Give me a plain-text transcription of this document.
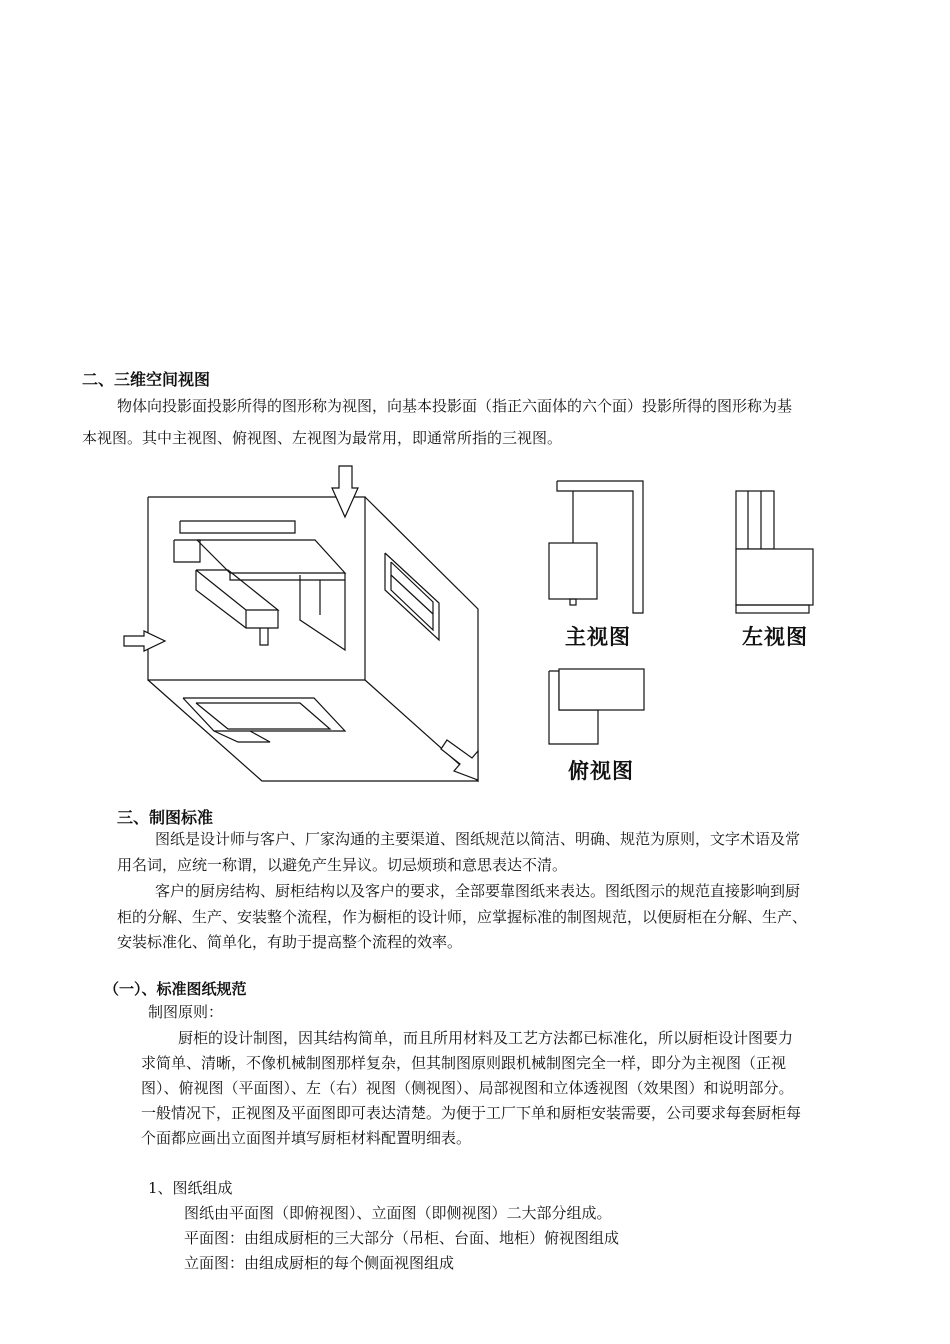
二、三维空间视图
物体向投影面投影所得的图形称为视图，向基本投影面（指正六面体的六个面）投影所得的图形称为基
本视图。其中主视图、俯视图、左视图为最常用，即通常所指的三视图。
主视图	左视图
俯视图
三、制图标准
图纸是设计师与客户、厂家沟通的主要渠道、图纸规范以简洁、明确、规范为原则，文字术语及常
用名词，应统一称谓，以避免产生异议。切忌烦琐和意思表达不清。
客户的厨房结构、厨柜结构以及客户的要求，全部要靠图纸来表达。图纸图示的规范直接影响到厨
柜的分解、生产、安装整个流程，作为橱柜的设计师，应掌握标准的制图规范，以便厨柜在分解、生产、
安装标准化、简单化，有助于提高整个流程的效率。
（一）、标准图纸规范
制图原则：
厨柜的设计制图，因其结构简单，而且所用材料及工艺方法都已标准化，所以厨柜设计图要力
求简单、清晰，不像机械制图那样复杂，但其制图原则跟机械制图完全一样，即分为主视图（正视
图）、俯视图（平面图）、左（右）视图（侧视图）、局部视图和立体透视图（效果图）和说明部分。
一般情况下，正视图及平面图即可表达清楚。为便于工厂下单和厨柜安装需要，公司要求每套厨柜每
个面都应画出立面图并填写厨柜材料配置明细表。
1、图纸组成
图纸由平面图（即俯视图）、立面图（即侧视图）二大部分组成。
平面图：由组成厨柜的三大部分（吊柜、台面、地柜）俯视图组成
立面图：由组成厨柜的每个侧面视图组成
